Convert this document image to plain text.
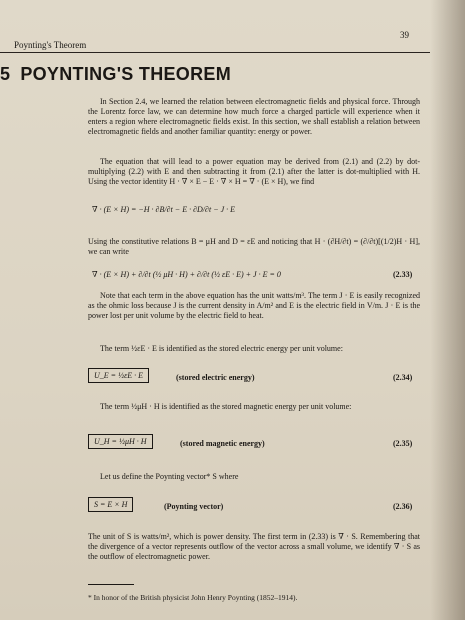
39
Poynting's Theorem
5 POYNTING'S THEOREM
In Section 2.4, we learned the relation between electromagnetic fields and physical force. Through the Lorentz force law, we can determine how much force a charged particle will experience when it enters a region where electromagnetic fields exist. In this section, we shall establish a relation between electromagnetic fields and another familiar quantity: energy or power.
The equation that will lead to a power equation may be derived from (2.1) and (2.2) by dot-multiplying (2.2) with E and then subtracting it from (2.1) after the latter is dot-multiplied with H. Using the vector identity H · ∇ × E − E · ∇ × H = ∇ · (E × H), we find
∇ · (E × H) = −H · ∂B/∂t − E · ∂D/∂t − J · E
Using the constitutive relations B = μH and D = εE and noticing that H · (∂H/∂t) = (∂/∂t)[(1/2)H · H], we can write
∇ · (E × H) + ∂/∂t (½ μH · H) + ∂/∂t (½ εE · E) + J · E = 0	(2.33)
Note that each term in the above equation has the unit watts/m³. The term J · E is easily recognized as the ohmic loss because J is the current density in A/m² and E is the electric field in V/m. J · E is the power lost per unit volume by the electric field to heat.
The term ½εE · E is identified as the stored electric energy per unit volume:
U_E = ½εE · E	(stored electric energy)	(2.34)
The term ½μH · H is identified as the stored magnetic energy per unit volume:
U_H = ½μH · H	(stored magnetic energy)	(2.35)
Let us define the Poynting vector* S where
S = E × H	(Poynting vector)	(2.36)
The unit of S is watts/m², which is power density. The first term in (2.33) is ∇ · S. Remembering that the divergence of a vector represents outflow of the vector across a small volume, we identify ∇ · S as the outflow of electromagnetic power.
* In honor of the British physicist John Henry Poynting (1852–1914).
